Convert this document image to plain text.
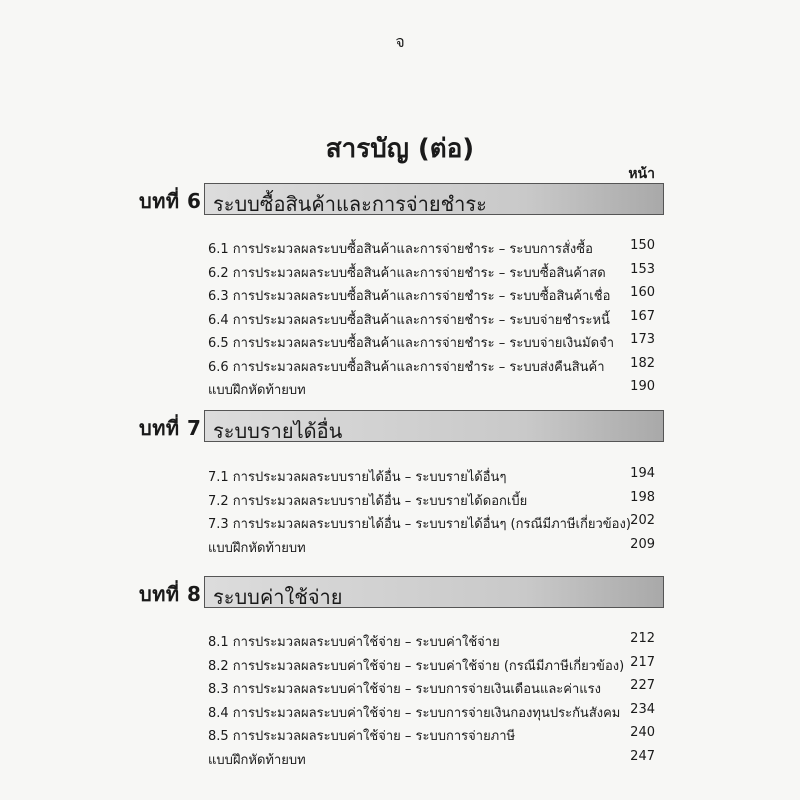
จ
สารบัญ (ต่อ)
หน้า
บทที่ 6 ระบบซื้อสินค้าและการจ่ายชำระ
6.1 การประมวลผลระบบซื้อสินค้าและการจ่ายชำระ – ระบบการสั่งซื้อ	150
6.2 การประมวลผลระบบซื้อสินค้าและการจ่ายชำระ – ระบบซื้อสินค้าสด	153
6.3 การประมวลผลระบบซื้อสินค้าและการจ่ายชำระ – ระบบซื้อสินค้าเชื่อ	160
6.4 การประมวลผลระบบซื้อสินค้าและการจ่ายชำระ – ระบบจ่ายชำระหนี้	167
6.5 การประมวลผลระบบซื้อสินค้าและการจ่ายชำระ – ระบบจ่ายเงินมัดจำ	173
6.6 การประมวลผลระบบซื้อสินค้าและการจ่ายชำระ – ระบบส่งคืนสินค้า	182
แบบฝึกหัดท้ายบท	190
บทที่ 7 ระบบรายได้อื่น
7.1 การประมวลผลระบบรายได้อื่น – ระบบรายได้อื่นๆ	194
7.2 การประมวลผลระบบรายได้อื่น – ระบบรายได้ดอกเบี้ย	198
7.3 การประมวลผลระบบรายได้อื่น – ระบบรายได้อื่นๆ (กรณีมีภาษีเกี่ยวข้อง) 202
แบบฝึกหัดท้ายบท	209
บทที่ 8 ระบบค่าใช้จ่าย
8.1 การประมวลผลระบบค่าใช้จ่าย – ระบบค่าใช้จ่าย	212
8.2 การประมวลผลระบบค่าใช้จ่าย – ระบบค่าใช้จ่าย (กรณีมีภาษีเกี่ยวข้อง) 217
8.3 การประมวลผลระบบค่าใช้จ่าย – ระบบการจ่ายเงินเดือนและค่าแรง	227
8.4 การประมวลผลระบบค่าใช้จ่าย – ระบบการจ่ายเงินกองทุนประกันสังคม 234
8.5 การประมวลผลระบบค่าใช้จ่าย – ระบบการจ่ายภาษี	240
แบบฝึกหัดท้ายบท	247
